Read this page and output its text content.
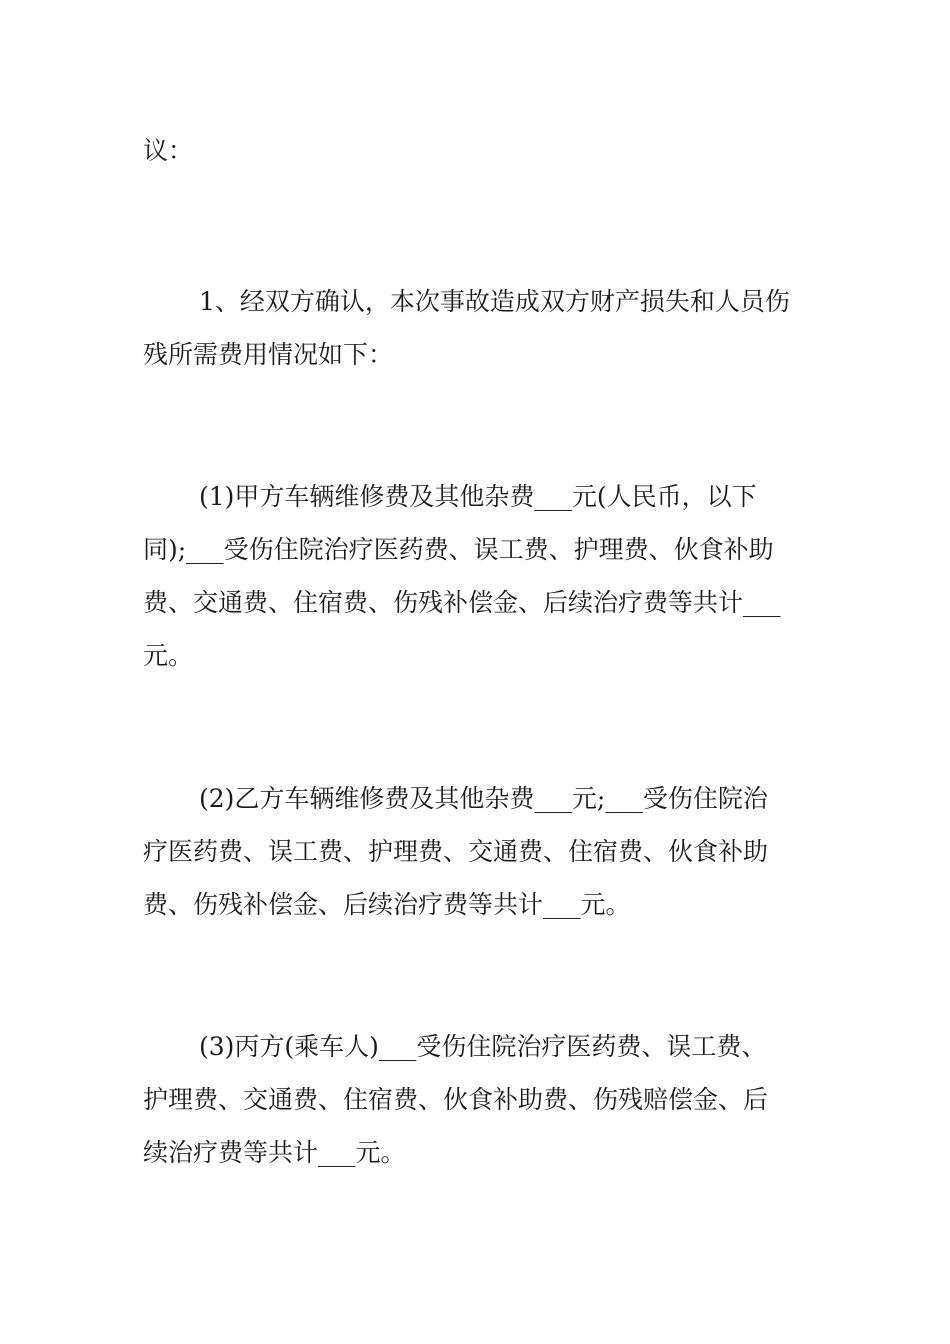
议：
1、经双方确认，本次事故造成双方财产损失和人员伤
残所需费用情况如下：
(1)甲方车辆维修费及其他杂费___元(人民币，以下
同);___受伤住院治疗医药费、误工费、护理费、伙食补助
费、交通费、住宿费、伤残补偿金、后续治疗费等共计___
元。
(2)乙方车辆维修费及其他杂费___元;___受伤住院治
疗医药费、误工费、护理费、交通费、住宿费、伙食补助
费、伤残补偿金、后续治疗费等共计___元。
(3)丙方(乘车人)___受伤住院治疗医药费、误工费、
护理费、交通费、住宿费、伙食补助费、伤残赔偿金、后
续治疗费等共计___元。
